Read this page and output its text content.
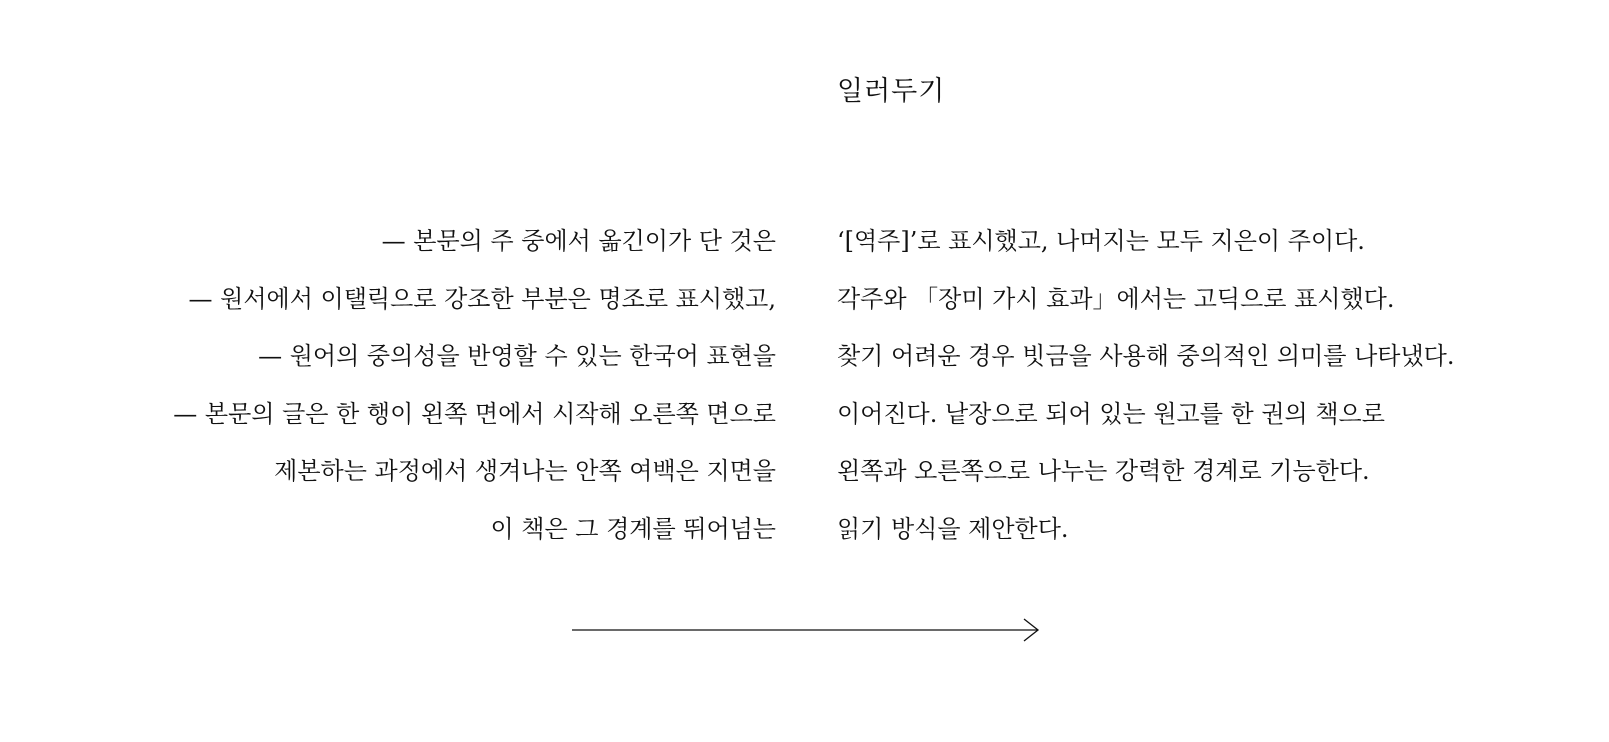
일러두기
— 본문의 주 중에서 옮긴이가 단 것은
— 원서에서 이탤릭으로 강조한 부분은 명조로 표시했고,
— 원어의 중의성을 반영할 수 있는 한국어 표현을
— 본문의 글은 한 행이 왼쪽 면에서 시작해 오른쪽 면으로
제본하는 과정에서 생겨나는 안쪽 여백은 지면을
이 책은 그 경계를 뛰어넘는
‘[역주]’로 표시했고, 나머지는 모두 지은이 주이다.
각주와 「장미 가시 효과」에서는 고딕으로 표시했다.
찾기 어려운 경우 빗금을 사용해 중의적인 의미를 나타냈다.
이어진다. 낱장으로 되어 있는 원고를 한 권의 책으로
왼쪽과 오른쪽으로 나누는 강력한 경계로 기능한다.
읽기 방식을 제안한다.
